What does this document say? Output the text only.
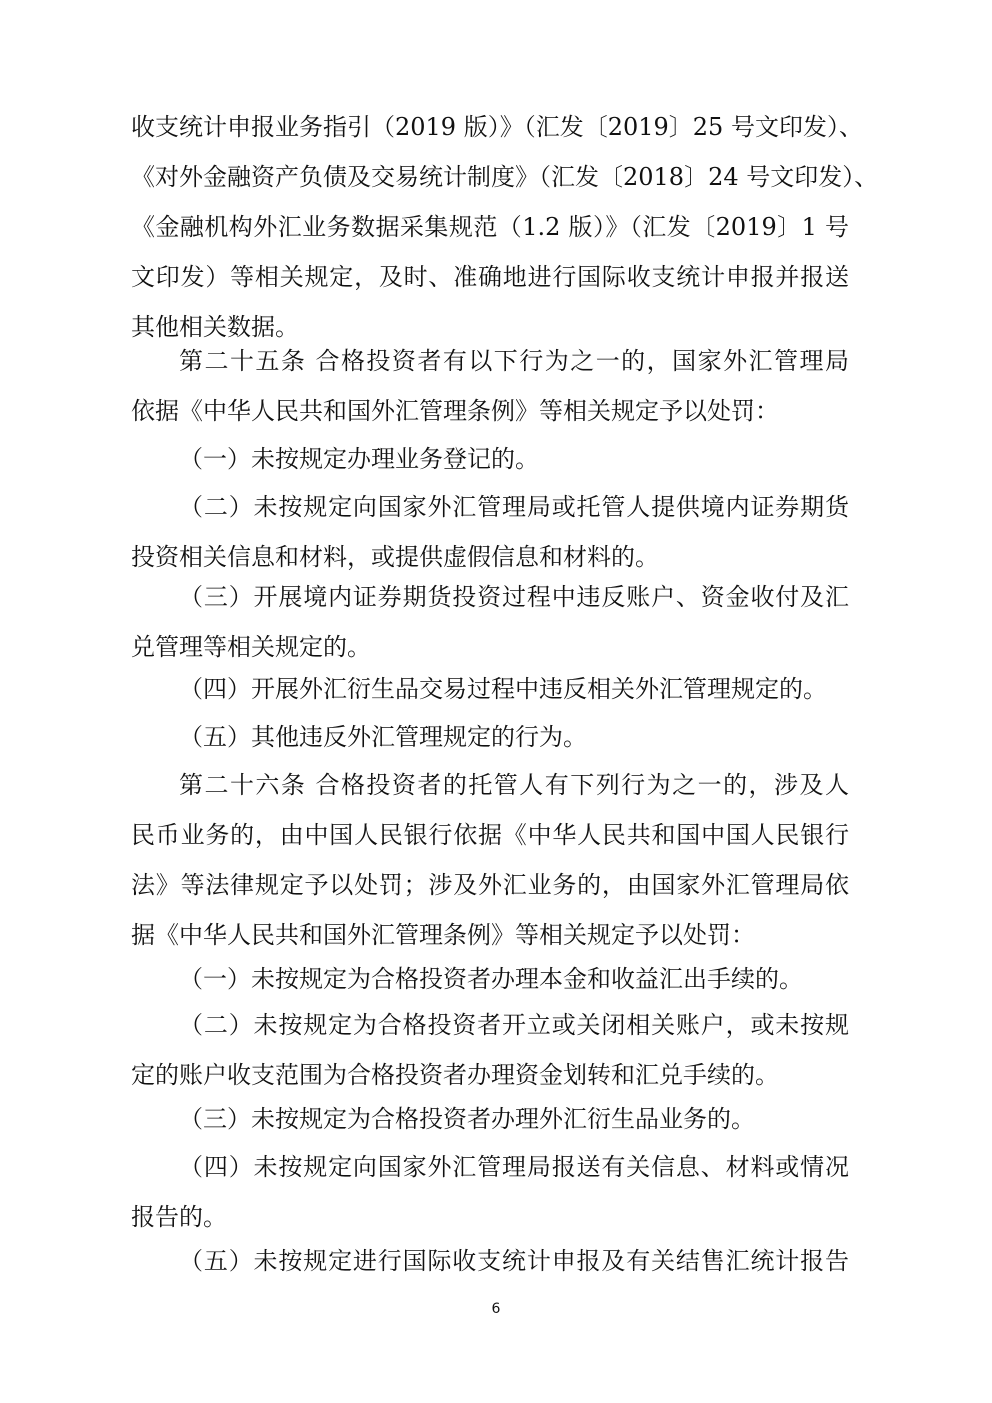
收支统计申报业务指引（2019 版）》（汇发〔2019〕25 号文印发）、
《对外金融资产负债及交易统计制度》（汇发〔2018〕24 号文印发）、
《金融机构外汇业务数据采集规范（1.2 版）》（汇发〔2019〕1 号
文印发）等相关规定，及时、准确地进行国际收支统计申报并报送
其他相关数据。
第二十五条 合格投资者有以下行为之一的，国家外汇管理局
依据《中华人民共和国外汇管理条例》等相关规定予以处罚：
（一）未按规定办理业务登记的。
（二）未按规定向国家外汇管理局或托管人提供境内证券期货
投资相关信息和材料，或提供虚假信息和材料的。
（三）开展境内证券期货投资过程中违反账户、资金收付及汇
兑管理等相关规定的。
（四）开展外汇衍生品交易过程中违反相关外汇管理规定的。
（五）其他违反外汇管理规定的行为。
第二十六条 合格投资者的托管人有下列行为之一的，涉及人
民币业务的，由中国人民银行依据《中华人民共和国中国人民银行
法》等法律规定予以处罚；涉及外汇业务的，由国家外汇管理局依
据《中华人民共和国外汇管理条例》等相关规定予以处罚：
（一）未按规定为合格投资者办理本金和收益汇出手续的。
（二）未按规定为合格投资者开立或关闭相关账户，或未按规
定的账户收支范围为合格投资者办理资金划转和汇兑手续的。
（三）未按规定为合格投资者办理外汇衍生品业务的。
（四）未按规定向国家外汇管理局报送有关信息、材料或情况
报告的。
（五）未按规定进行国际收支统计申报及有关结售汇统计报告
6
